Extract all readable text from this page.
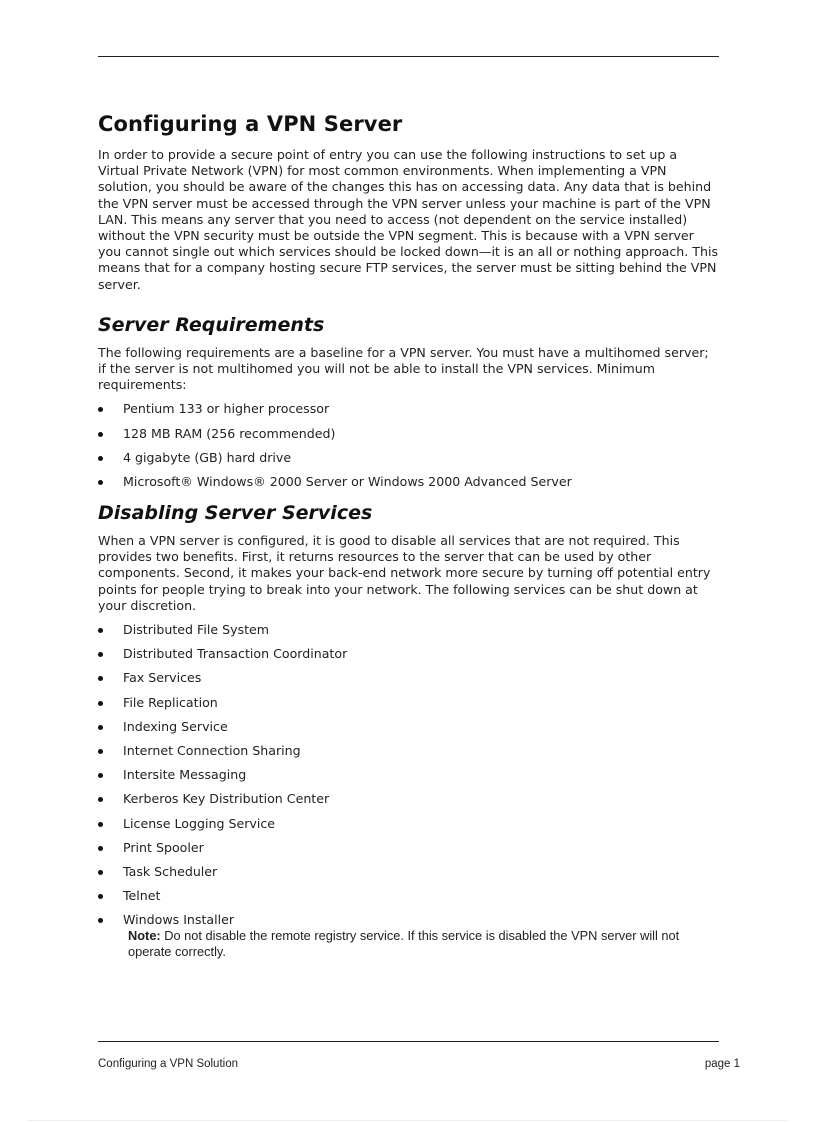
Configuring a VPN Server

In order to provide a secure point of entry you can use the following instructions to set up a Virtual Private Network (VPN) for most common environments. When implementing a VPN solution, you should be aware of the changes this has on accessing data. Any data that is behind the VPN server must be accessed through the VPN server unless your machine is part of the VPN LAN. This means any server that you need to access (not dependent on the service installed) without the VPN security must be outside the VPN segment. This is because with a VPN server you cannot single out which services should be locked down—it is an all or nothing approach. This means that for a company hosting secure FTP services, the server must be sitting behind the VPN server.

Server Requirements

The following requirements are a baseline for a VPN server. You must have a multihomed server; if the server is not multihomed you will not be able to install the VPN services. Minimum requirements:

Pentium 133 or higher processor
128 MB RAM (256 recommended)
4 gigabyte (GB) hard drive
Microsoft® Windows® 2000 Server or Windows 2000 Advanced Server
Disabling Server Services

When a VPN server is configured, it is good to disable all services that are not required. This provides two benefits. First, it returns resources to the server that can be used by other components. Second, it makes your back-end network more secure by turning off potential entry points for people trying to break into your network. The following services can be shut down at your discretion.

Distributed File System
Distributed Transaction Coordinator
Fax Services
File Replication
Indexing Service
Internet Connection Sharing
Intersite Messaging
Kerberos Key Distribution Center
License Logging Service
Print Spooler
Task Scheduler
Telnet
Windows Installer
Note: Do not disable the remote registry service. If this service is disabled the VPN server will not operate correctly.
Configuring a VPN Solution	page 1
